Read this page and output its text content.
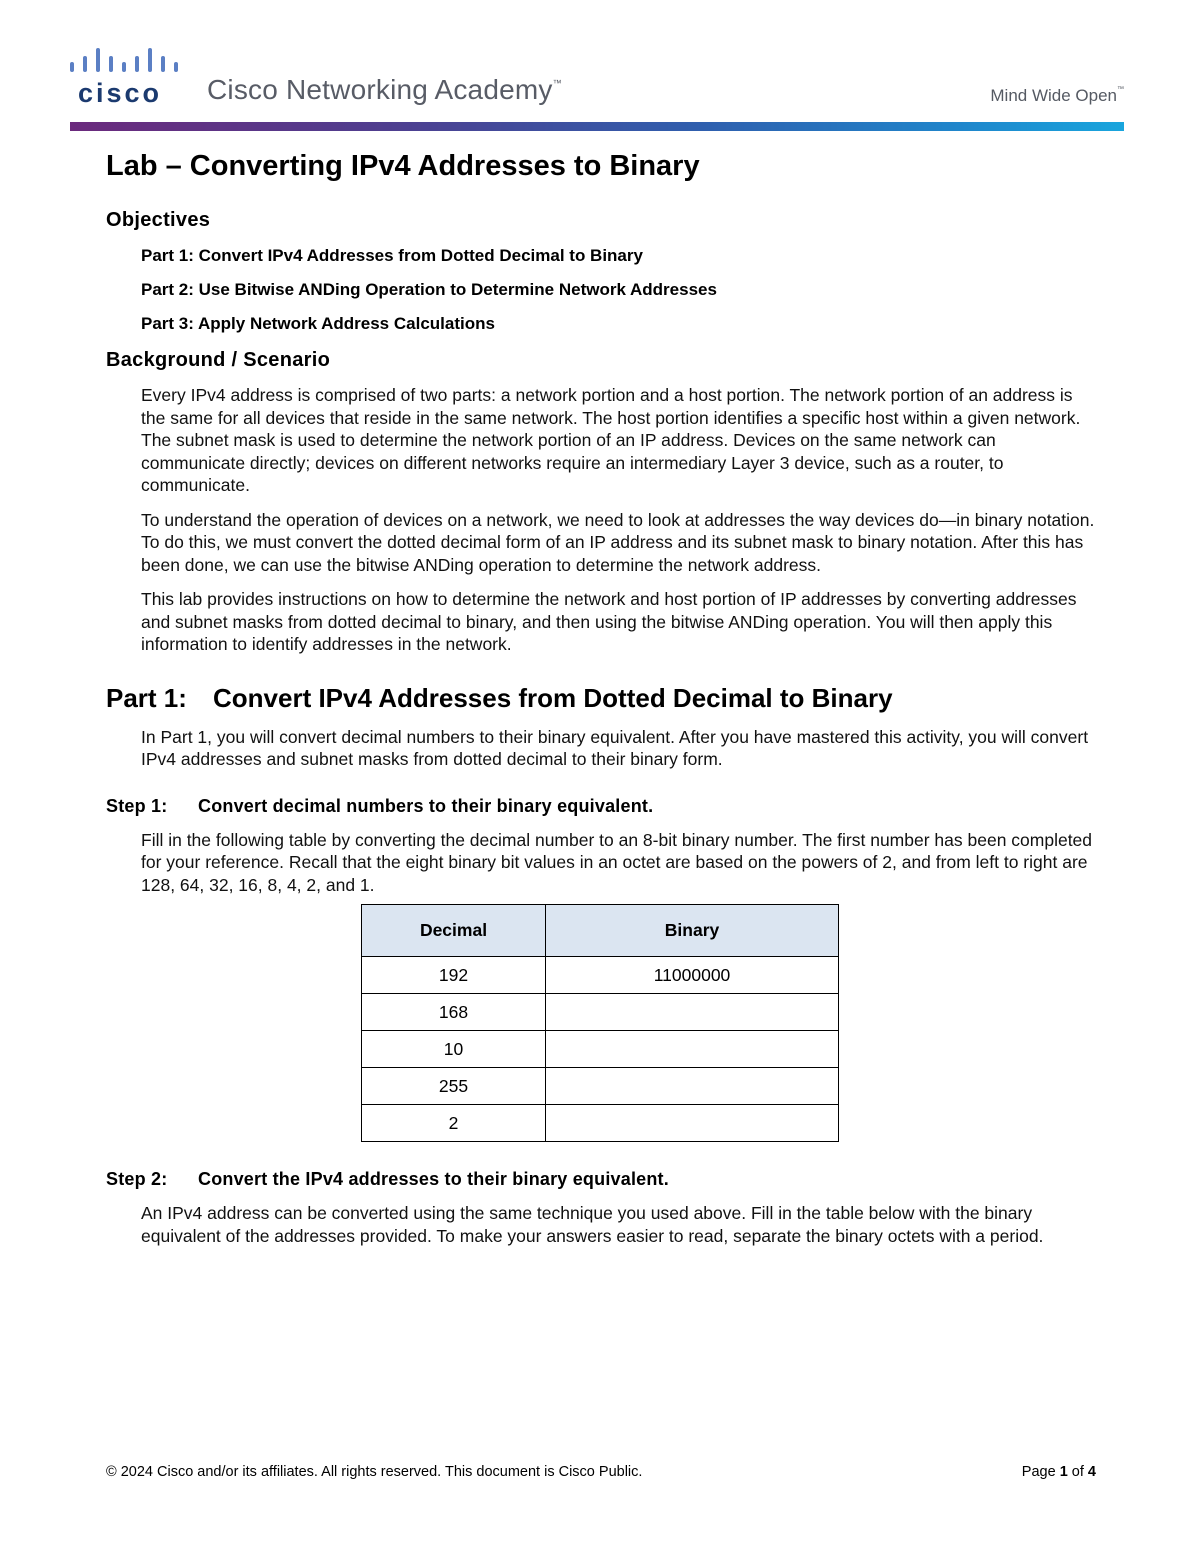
cisco Cisco Networking Academy™
Mind Wide Open™
Lab – Converting IPv4 Addresses to Binary
Objectives
Part 1: Convert IPv4 Addresses from Dotted Decimal to Binary
Part 2: Use Bitwise ANDing Operation to Determine Network Addresses
Part 3: Apply Network Address Calculations
Background / Scenario
Every IPv4 address is comprised of two parts: a network portion and a host portion. The network portion of an address is the same for all devices that reside in the same network. The host portion identifies a specific host within a given network. The subnet mask is used to determine the network portion of an IP address. Devices on the same network can communicate directly; devices on different networks require an intermediary Layer 3 device, such as a router, to communicate.
To understand the operation of devices on a network, we need to look at addresses the way devices do—in binary notation. To do this, we must convert the dotted decimal form of an IP address and its subnet mask to binary notation. After this has been done, we can use the bitwise ANDing operation to determine the network address.
This lab provides instructions on how to determine the network and host portion of IP addresses by converting addresses and subnet masks from dotted decimal to binary, and then using the bitwise ANDing operation. You will then apply this information to identify addresses in the network.
Part 1: Convert IPv4 Addresses from Dotted Decimal to Binary
In Part 1, you will convert decimal numbers to their binary equivalent. After you have mastered this activity, you will convert IPv4 addresses and subnet masks from dotted decimal to their binary form.
Step 1: Convert decimal numbers to their binary equivalent.
Fill in the following table by converting the decimal number to an 8-bit binary number. The first number has been completed for your reference. Recall that the eight binary bit values in an octet are based on the powers of 2, and from left to right are 128, 64, 32, 16, 8, 4, 2, and 1.
Decimal	Binary
192	11000000
168	
10	
255	
2	
Step 2: Convert the IPv4 addresses to their binary equivalent.
An IPv4 address can be converted using the same technique you used above. Fill in the table below with the binary equivalent of the addresses provided. To make your answers easier to read, separate the binary octets with a period.
© 2024 Cisco and/or its affiliates. All rights reserved. This document is Cisco Public.	Page 1 of 4
